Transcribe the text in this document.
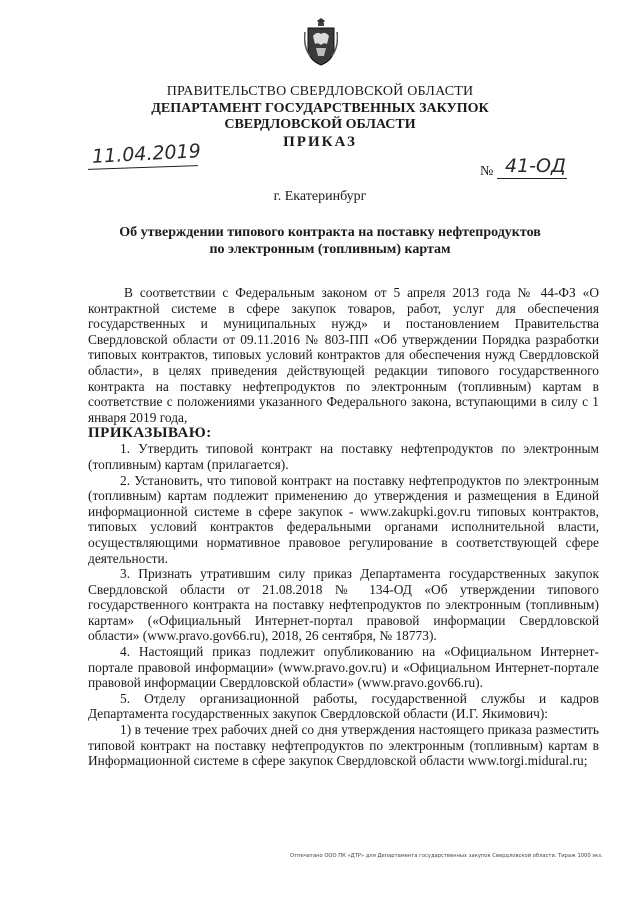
ПРАВИТЕЛЬСТВО СВЕРДЛОВСКОЙ ОБЛАСТИ
ДЕПАРТАМЕНТ ГОСУДАРСТВЕННЫХ ЗАКУПОК
СВЕРДЛОВСКОЙ ОБЛАСТИ
ПРИКАЗ
11.04.2019
№ 41-ОД
г. Екатеринбург
Об утверждении типового контракта на поставку нефтепродуктов
по электронным (топливным) картам

В соответствии с Федеральным законом от 5 апреля 2013 года № 44-ФЗ «О контрактной системе в сфере закупок товаров, работ, услуг для обеспечения государственных и муниципальных нужд» и постановлением Правительства Свердловской области от 09.11.2016 № 803-ПП «Об утверждении Порядка разработки типовых контрактов, типовых условий контрактов для обеспечения нужд Свердловской области», в целях приведения действующей редакции типового государственного контракта на поставку нефтепродуктов по электронным (топливным) картам в соответствие с положениями указанного Федерального закона, вступающими в силу с 1 января 2019 года,

ПРИКАЗЫВАЮ:

1. Утвердить типовой контракт на поставку нефтепродуктов по электронным (топливным) картам (прилагается).

2. Установить, что типовой контракт на поставку нефтепродуктов по электронным (топливным) картам подлежит применению до утверждения и размещения в Единой информационной системе в сфере закупок - www.zakupki.gov.ru типовых контрактов, типовых условий контрактов федеральными органами исполнительной власти, осуществляющими нормативное правовое регулирование в соответствующей сфере деятельности.

3. Признать утратившим силу приказ Департамента государственных закупок Свердловской области от 21.08.2018 № 134-ОД «Об утверждении типового государственного контракта на поставку нефтепродуктов по электронным (топливным) картам» («Официальный Интернет-портал правовой информации Свердловской области» (www.pravo.gov66.ru), 2018, 26 сентября, № 18773).

4. Настоящий приказ подлежит опубликованию на «Официальном Интернет-портале правовой информации» (www.pravo.gov.ru) и «Официальном Интернет-портале правовой информации Свердловской области» (www.pravo.gov66.ru).

5. Отделу организационной работы, государственной службы и кадров Департамента государственных закупок Свердловской области (И.Г. Якимович):

1) в течение трех рабочих дней со дня утверждения настоящего приказа разместить типовой контракт на поставку нефтепродуктов по электронным (топливным) картам в Информационной системе в сфере закупок Свердловской области www.torgi.midural.ru;

Отпечатано ООО ПК «ДТР» для Департамента государственных закупок Свердловской области. Тираж 1000 экз.
